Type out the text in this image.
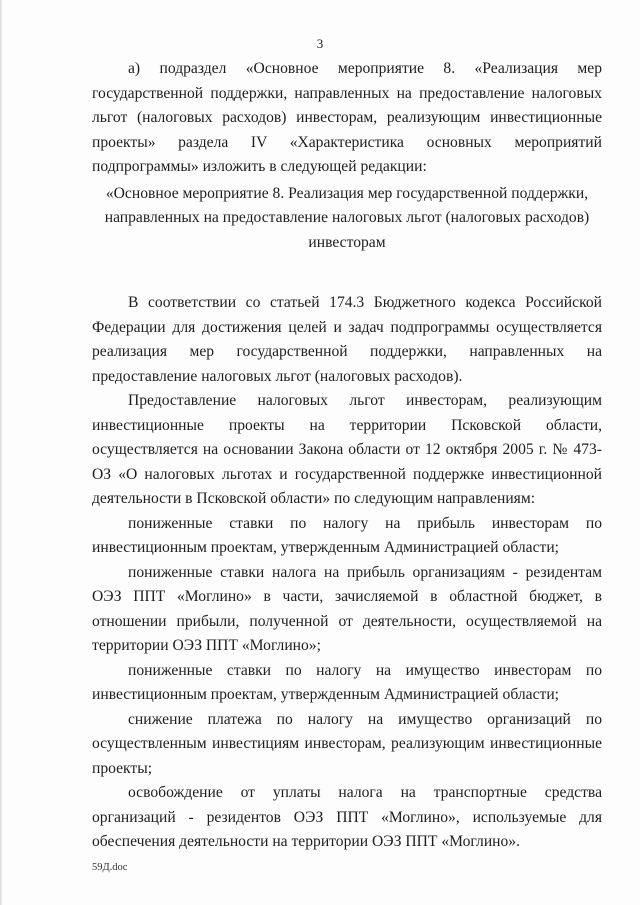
3

а) подраздел «Основное мероприятие 8. «Реализация мер государственной поддержки, направленных на предоставление налоговых льгот (налоговых расходов) инвесторам, реализующим инвестиционные проекты» раздела IV «Характеристика основных мероприятий подпрограммы» изложить в следующей редакции:

«Основное мероприятие 8. Реализация мер государственной поддержки,
направленных на предоставление налоговых льгот (налоговых расходов)
инвесторам

В соответствии со статьей 174.3 Бюджетного кодекса Российской Федерации для достижения целей и задач подпрограммы осуществляется реализация мер государственной поддержки, направленных на предоставление налоговых льгот (налоговых расходов).

Предоставление налоговых льгот инвесторам, реализующим инвестиционные проекты на территории Псковской области, осуществляется на основании Закона области от 12 октября 2005 г. № 473-ОЗ «О налоговых льготах и государственной поддержке инвестиционной деятельности в Псковской области» по следующим направлениям:

пониженные ставки по налогу на прибыль инвесторам по инвестиционным проектам, утвержденным Администрацией области;

пониженные ставки налога на прибыль организациям - резидентам ОЭЗ ППТ «Моглино» в части, зачисляемой в областной бюджет, в отношении прибыли, полученной от деятельности, осуществляемой на территории ОЭЗ ППТ «Моглино»;

пониженные ставки по налогу на имущество инвесторам по инвестиционным проектам, утвержденным Администрацией области;

снижение платежа по налогу на имущество организаций по осуществленным инвестициям инвесторам, реализующим инвестиционные проекты;

освобождение от уплаты налога на транспортные средства организаций - резидентов ОЭЗ ППТ «Моглино», используемые для обеспечения деятельности на территории ОЭЗ ППТ «Моглино».

59Д.doc
